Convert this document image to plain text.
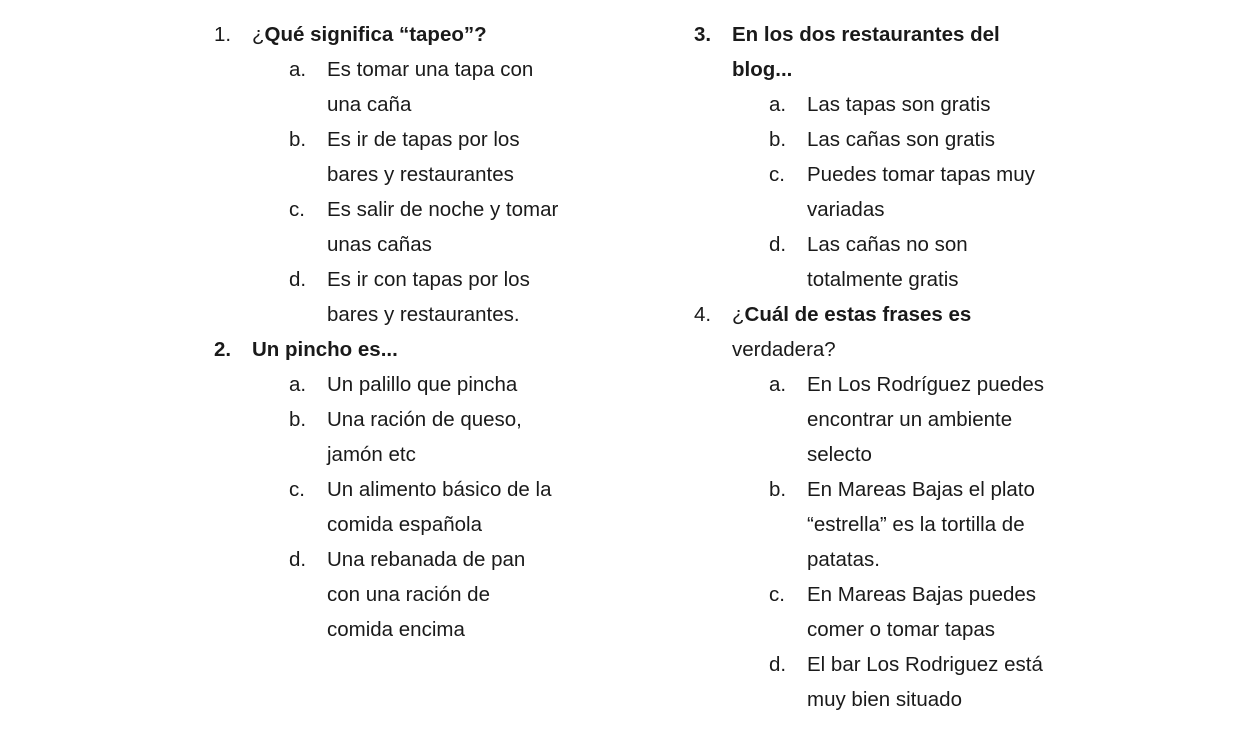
1. ¿Qué significa “tapeo”?
a. Es tomar una tapa con
una caña
b. Es ir de tapas por los
bares y restaurantes
c. Es salir de noche y tomar
unas cañas
d. Es ir con tapas por los
bares y restaurantes.
2. Un pincho es...
a. Un palillo que pincha
b. Una ración de queso,
jamón etc
c. Un alimento básico de la
comida española
d. Una rebanada de pan
con una ración de
comida encima
3. En los dos restaurantes del
blog...
a. Las tapas son gratis
b. Las cañas son gratis
c. Puedes tomar tapas muy
variadas
d. Las cañas no son
totalmente gratis
4. ¿Cuál de estas frases es
verdadera?
a. En Los Rodríguez puedes
encontrar un ambiente
selecto
b. En Mareas Bajas el plato
“estrella” es la tortilla de
patatas.
c. En Mareas Bajas puedes
comer o tomar tapas
d. El bar Los Rodriguez está
muy bien situado
